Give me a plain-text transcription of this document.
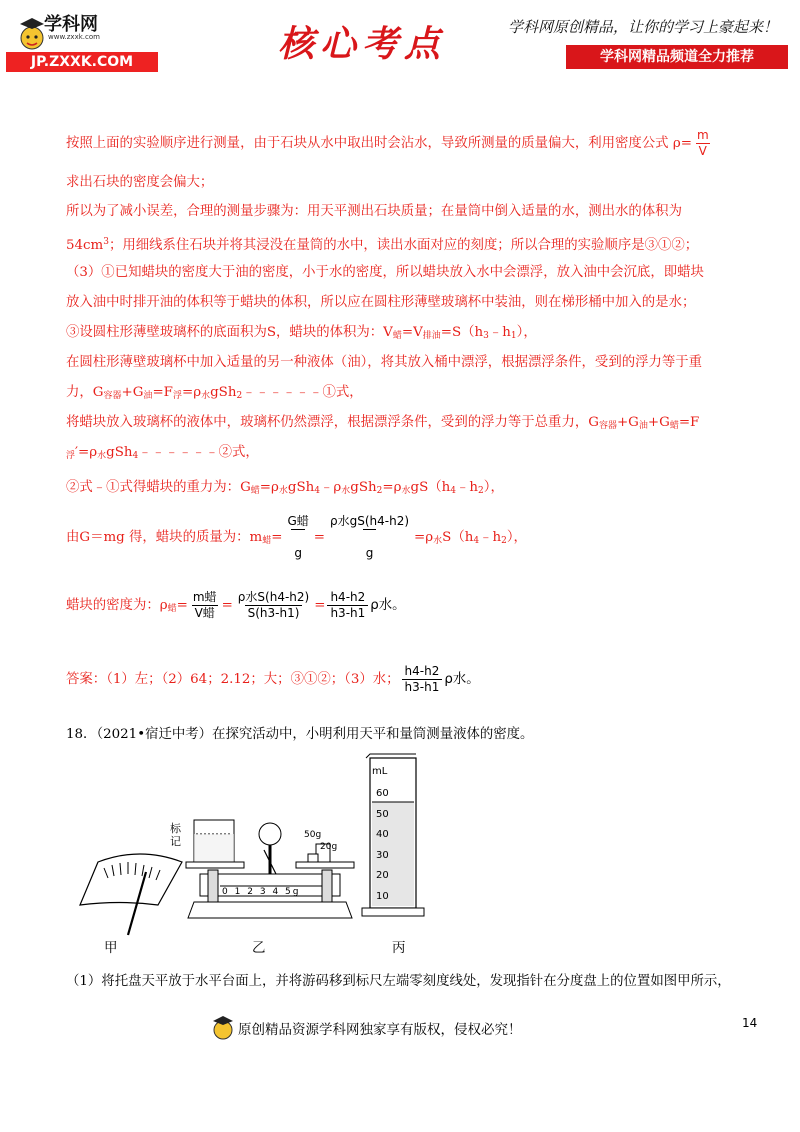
学科网
www.zxxk.com
JP.ZXXK.COM	核心考点	学科网原创精品，让你的学习上豪起来！
学科网精品频道全力推荐
按照上面的实验顺序进行测量，由于石块从水中取出时会沾水，导致所测量的质量偏大，利用密度公式 $\rho= \frac{m}{V}$
求出石块的密度会偏大；
所以为了减小误差，合理的测量步骤为：用天平测出石块质量；在量筒中倒入适量的水，测出水的体积为
$54cm^3$；用细线系住石块并将其浸没在量筒的水中，读出水面对应的刻度；所以合理的实验顺序是③①②；
（3）①已知蜡块的密度大于油的密度，小于水的密度，所以蜡块放入水中会漂浮，放入油中会沉底，即蜡块
放入油中时排开油的体积等于蜡块的体积，所以应在圆柱形薄壁玻璃杯中装油，则在梯形桶中加入的是水；
③设圆柱形薄壁玻璃杯的底面积为S，蜡块的体积为：$V_蜡=V_{排油}=S(h_3﹣h_1)$，
在圆柱形薄壁玻璃杯中加入适量的另一种液体（油），将其放入桶中漂浮，根据漂浮条件，受到的浮力等于重
力，$G_{容器}+G_油=F_浮=\rho_水gSh_2﹣﹣﹣﹣﹣﹣①$式，
将蜡块放入玻璃杯的液体中，玻璃杯仍然漂浮，根据漂浮条件，受到的浮力等于总重力，$G_{容器}+G_油+G_蜡=F$
$_浮'=\rho_水gSh_4﹣﹣﹣﹣﹣﹣②$式，
②式﹣①式得蜡块的重力为：$G_蜡=\rho_水gSh_4﹣\rho_水gSh_2=\rho_水gS(h_4﹣h_2)$，
由G＝mg 得，蜡块的质量为：$m_蜡= \frac{\text{G蜡}}{g} = \frac{\text{ρ水gS(h4-h2)}}{g}$ $=\rho_水S(h_4﹣h_2)$，
蜡块的密度为：$\rho_蜡= \frac{\text{m蜡}}{\text{V蜡}} = \frac{\text{ρ水S(h4-h2)}}{S(h3-h1)} = \frac{h4-h2}{h3-h1}$ ρ水。
答案：（1）左；（2）64；2.12；大；③①②；（3）水； $\frac{h4-h2}{h3-h1}$ ρ水。
18．（2021•宿迁中考）在探究活动中，小明利用天平和量筒测量液体的密度。
甲	乙	丙
标记	50g
20g
0 1 2 3 4 5g
mL
60
50
40
30
20
10
（1）将托盘天平放于水平台面上，并将游码移到标尺左端零刻度线处，发现指针在分度盘上的位置如图甲所示，
原创精品资源学科网独家享有版权，侵权必究！	14
